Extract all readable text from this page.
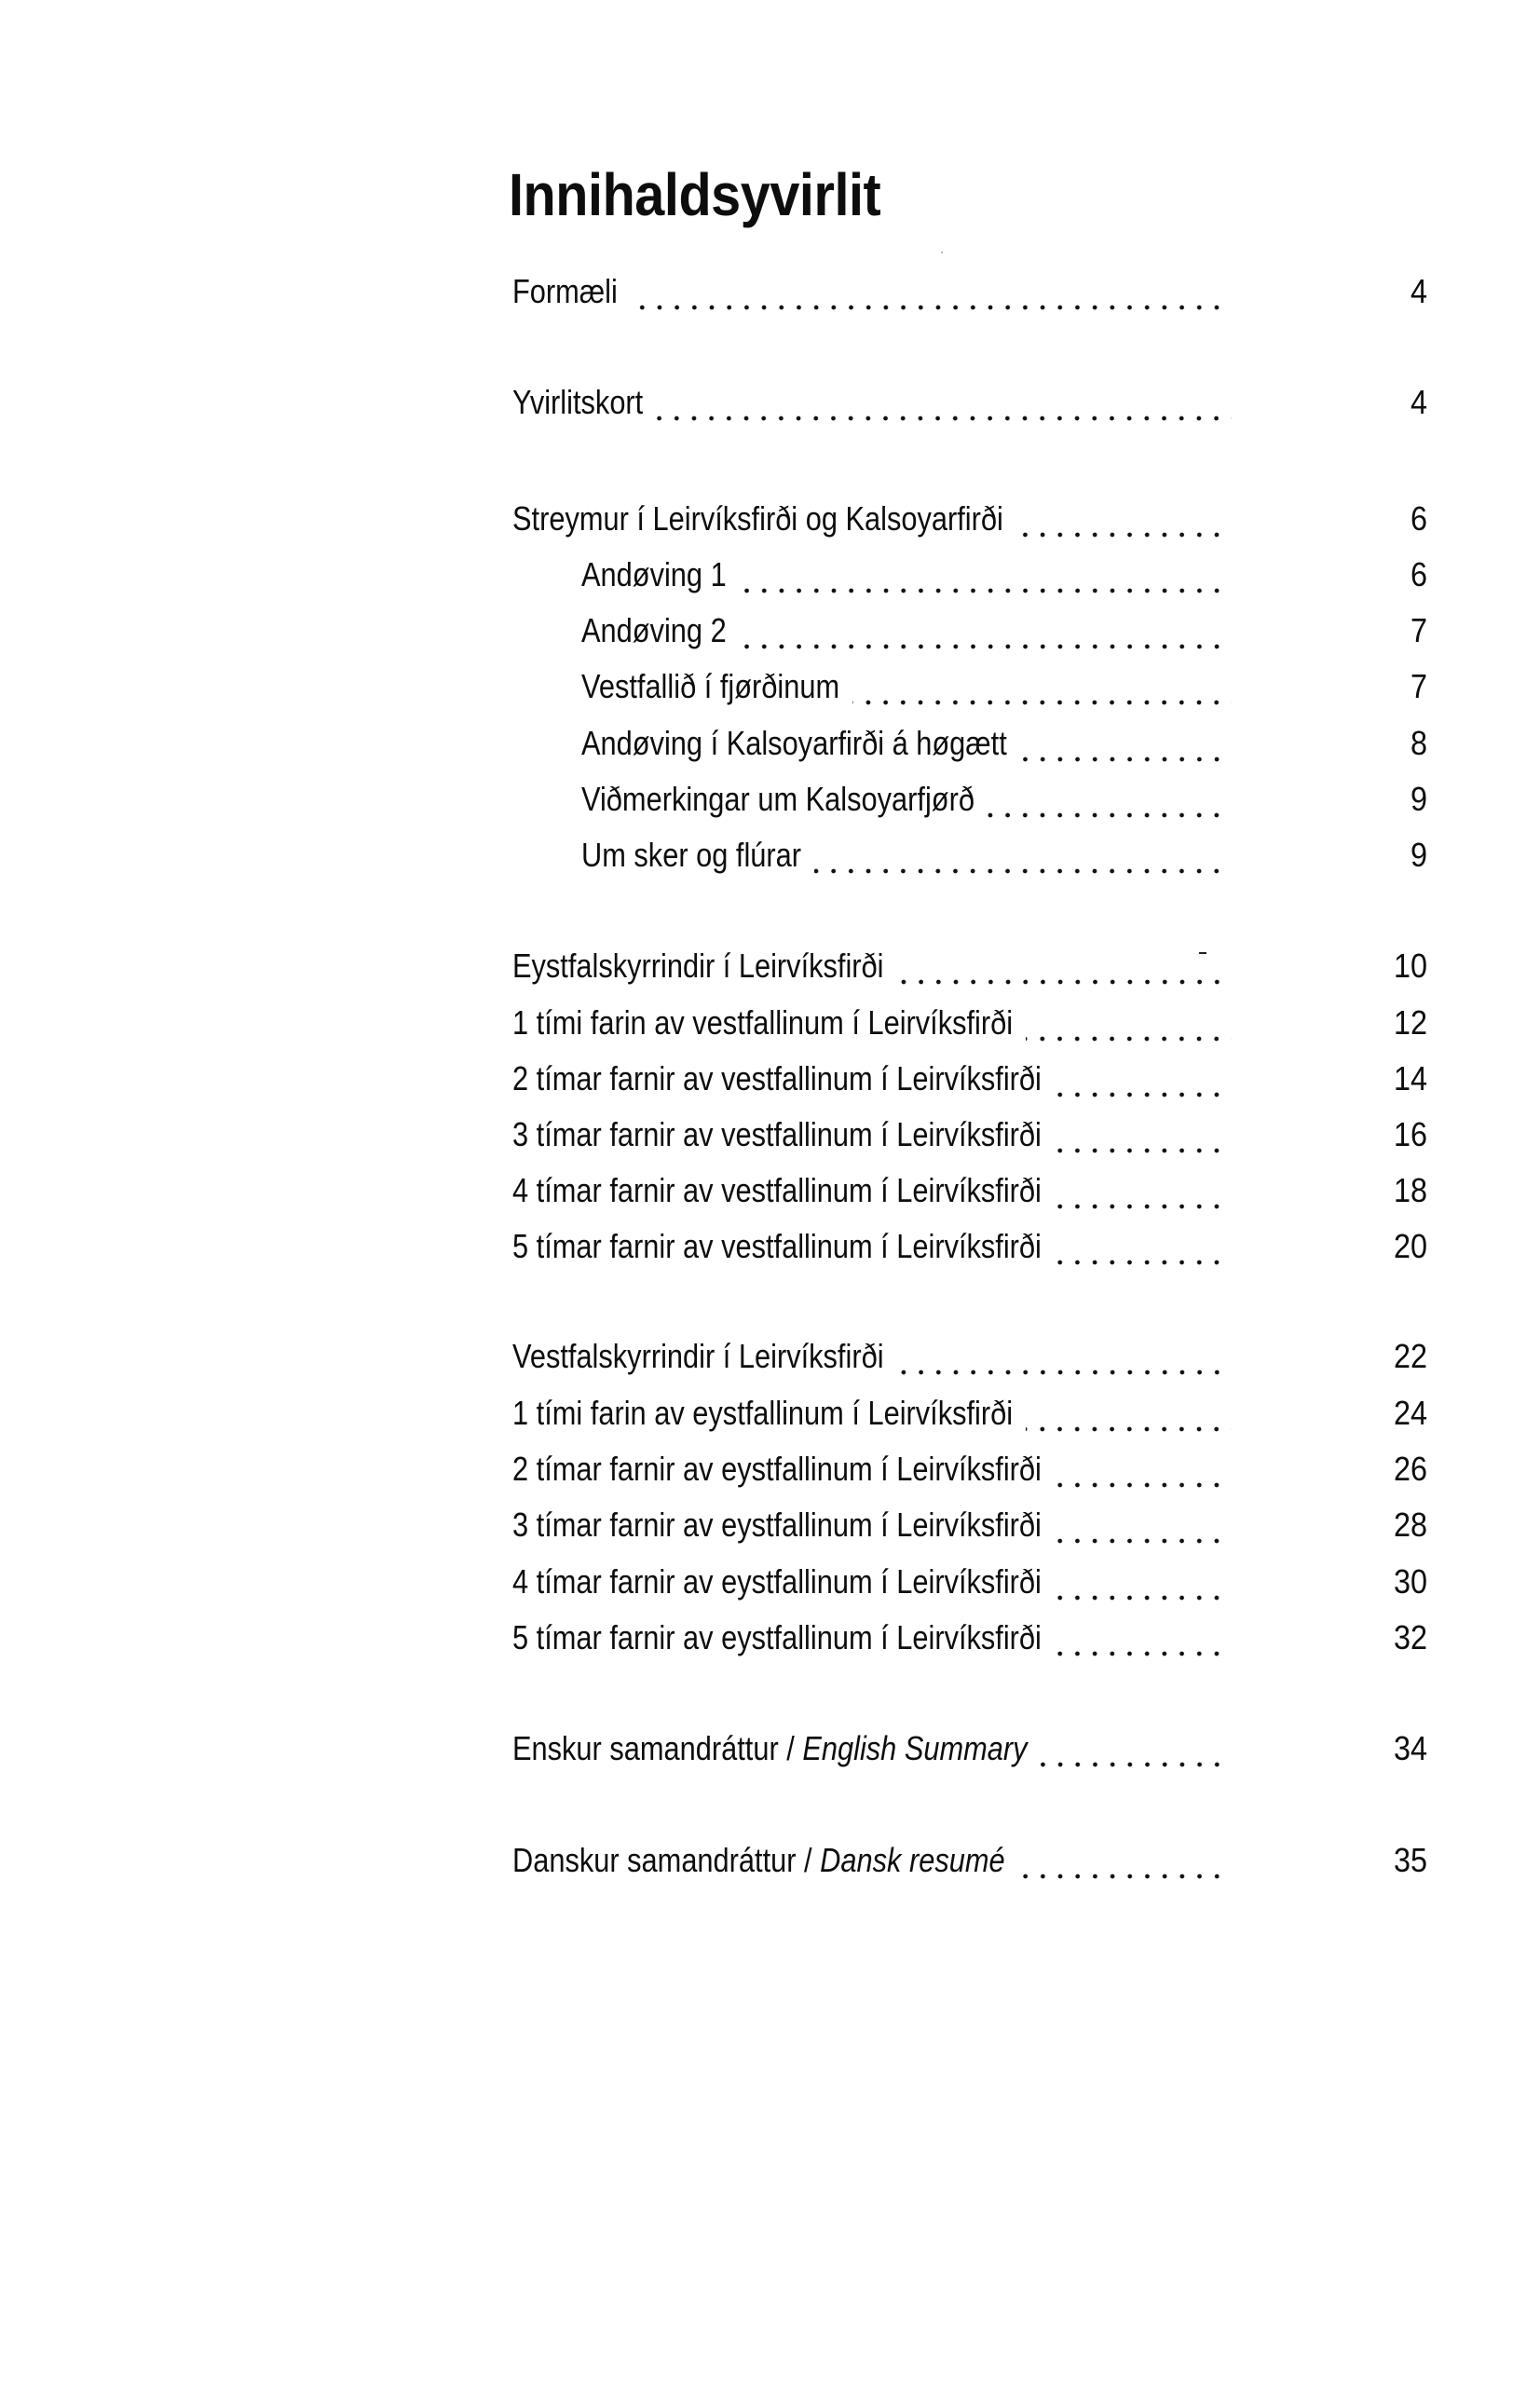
Innihaldsyvirlit
Formæli	4
Yvirlitskort	4
Streymur í Leirvíksfirði og Kalsoyarfirði	6
Andøving 1	6
Andøving 2	7
Vestfallið í fjørðinum	7
Andøving í Kalsoyarfirði á høgætt	8
Viðmerkingar um Kalsoyarfjørð	9
Um sker og flúrar	9
Eystfalskyrrindir í Leirvíksfirði	10
1 tími farin av vestfallinum í Leirvíksfirði	12
2 tímar farnir av vestfallinum í Leirvíksfirði	14
3 tímar farnir av vestfallinum í Leirvíksfirði	16
4 tímar farnir av vestfallinum í Leirvíksfirði	18
5 tímar farnir av vestfallinum í Leirvíksfirði	20
Vestfalskyrrindir í Leirvíksfirði	22
1 tími farin av eystfallinum í Leirvíksfirði	24
2 tímar farnir av eystfallinum í Leirvíksfirði	26
3 tímar farnir av eystfallinum í Leirvíksfirði	28
4 tímar farnir av eystfallinum í Leirvíksfirði	30
5 tímar farnir av eystfallinum í Leirvíksfirði	32
Enskur samandráttur / English Summary	34
Danskur samandráttur / Dansk resumé	35
